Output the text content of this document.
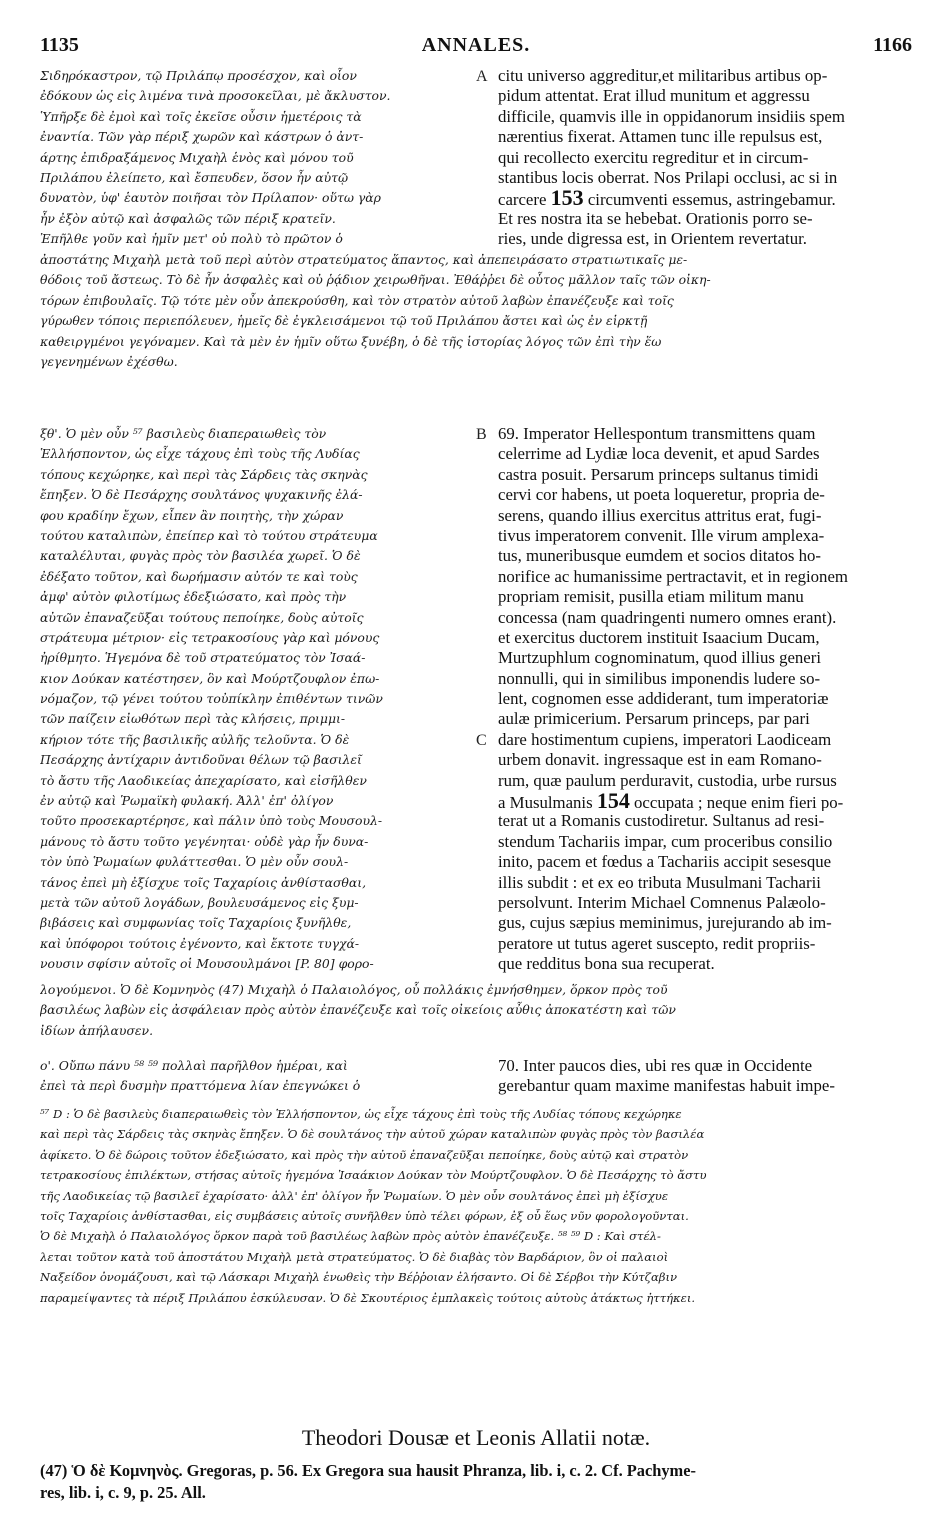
1135	ANNALES.	1166
Σιδηρόκαστρον, τῷ Πριλάπῳ προσέσχον, καὶ οἷον
ἐδόκουν ὡς εἰς λιμένα τινὰ προσοκεῖλαι, μὲ ἄκλυστον.
Ὑπῆρξε δὲ ἐμοὶ καὶ τοῖς ἐκεῖσε οὖσιν ἡμετέροις τὰ
ἐναντία. Τῶν γὰρ πέριξ χωρῶν καὶ κάστρων ὁ ἀντ-
άρτης ἐπιδραξάμενος Μιχαὴλ ἑνὸς καὶ μόνου τοῦ
Πριλάπου ἐλείπετο, καὶ ἔσπευδεν, ὅσον ἦν αὐτῷ
δυνατὸν, ὑφ' ἑαυτὸν ποιῆσαι τὸν Πρίλαπον· οὕτω γὰρ
ἦν ἐξὸν αὐτῷ καὶ ἀσφαλῶς τῶν πέριξ κρατεῖν.
Ἐπῆλθε γοῦν καὶ ἡμῖν μετ' οὐ πολὺ τὸ πρῶτον ὁ
A citu universo aggreditur,et militaribus artibus op-
pidum attentat. Erat illud munitum et aggressu
difficile, quamvis ille in oppidanorum insidiis spem
nærentius fixerat. Attamen tunc ille repulsus est,
qui recollecto exercitu regreditur et in circum-
stantibus locis oberrat. Nos Prilapi occlusi, ac si in
carcere 153 circumventi essemus, astringebamur.
Et res nostra ita se hebebat. Orationis porro se-
ries, unde digressa est, in Orientem revertatur.
ἀποστάτης Μιχαὴλ μετὰ τοῦ περὶ αὐτὸν στρατεύματος ἅπαντος, καὶ ἀπεπειράσατο στρατιωτικαῖς με-
θόδοις τοῦ ἄστεως. Τὸ δὲ ἦν ἀσφαλὲς καὶ οὐ ῥᾴδιον χειρωθῆναι. Ἐθάῤῥει δὲ οὗτος μᾶλλον ταῖς τῶν οἰκη-
τόρων ἐπιβουλαῖς. Τῷ τότε μὲν οὖν ἀπεκρούσθη, καὶ τὸν στρατὸν αὐτοῦ λαβὼν ἐπανέζευξε καὶ τοῖς
γύρωθεν τόποις περιεπόλευεν, ἡμεῖς δὲ ἐγκλεισάμενοι τῷ τοῦ Πριλάπου ἄστει καὶ ὡς ἐν εἱρκτῇ
καθειργμένοι γεγόναμεν. Καὶ τὰ μὲν ἐν ἡμῖν οὕτω ξυνέβη, ὁ δὲ τῆς ἱστορίας λόγος τῶν ἐπὶ τὴν ἕω
γεγενημένων ἐχέσθω.
ξθ'. Ὁ μὲν οὖν ⁵⁷ βασιλεὺς διαπεραιωθεὶς τὸν
Ἑλλήσποντον, ὡς εἶχε τάχους ἐπὶ τοὺς τῆς Λυδίας
τόπους κεχώρηκε, καὶ περὶ τὰς Σάρδεις τὰς σκηνὰς
ἔπηξεν. Ὁ δὲ Πεσάρχης σουλτάνος ψυχακινῆς ἐλά-
φου κραδίην ἔχων, εἶπεν ἂν ποιητὴς, τὴν χώραν
τούτου καταλιπὼν, ἐπείπερ καὶ τὸ τούτου στράτευμα
καταλέλυται, φυγὰς πρὸς τὸν βασιλέα χωρεῖ. Ὁ δὲ
ἐδέξατο τοῦτον, καὶ δωρήμασιν αὐτόν τε καὶ τοὺς
ἀμφ' αὐτὸν φιλοτίμως ἐδεξιώσατο, καὶ πρὸς τὴν
αὐτῶν ἐπαναζεῦξαι τούτους πεποίηκε, δοὺς αὐτοῖς
στράτευμα μέτριον· εἰς τετρακοσίους γὰρ καὶ μόνους
ἠρίθμητο. Ἡγεμόνα δὲ τοῦ στρατεύματος τὸν Ἰσαά-
κιον Δούκαν κατέστησεν, ὃν καὶ Μούρτζουφλον ἐπω-
νόμαζον, τῷ γένει τούτου τοὐπίκλην ἐπιθέντων τινῶν
τῶν παίζειν εἰωθότων περὶ τὰς κλήσεις, πριμμι-
κήριον τότε τῆς βασιλικῆς αὐλῆς τελοῦντα. Ὁ δὲ
Πεσάρχης ἀντίχαριν ἀντιδοῦναι θέλων τῷ βασιλεῖ
τὸ ἄστυ τῆς Λαοδικείας ἀπεχαρίσατο, καὶ εἰσῆλθεν
ἐν αὐτῷ καὶ Ῥωμαϊκὴ φυλακή. Ἀλλ' ἐπ' ὀλίγον
τοῦτο προσεκαρτέρησε, καὶ πάλιν ὑπὸ τοὺς Μουσουλ-
μάνους τὸ ἄστυ τοῦτο γεγένηται· οὐδὲ γὰρ ἦν δυνα-
τὸν ὑπὸ Ῥωμαίων φυλάττεσθαι. Ὁ μὲν οὖν σουλ-
τάνος ἐπεὶ μὴ ἐξίσχυε τοῖς Ταχαρίοις ἀνθίστασθαι,
μετὰ τῶν αὐτοῦ λογάδων, βουλευσάμενος εἰς ξυμ-
βιβάσεις καὶ συμφωνίας τοῖς Ταχαρίοις ξυνῆλθε,
καὶ ὑπόφοροι τούτοις ἐγένοντο, καὶ ἔκτοτε τυγχά-
νουσιν σφίσιν αὐτοῖς οἱ Μουσουλμάνοι [P. 80] φορο-
B
C
69. Imperator Hellespontum transmittens quam
celerrime ad Lydiæ loca devenit, et apud Sardes
castra posuit. Persarum princeps sultanus timidi
cervi cor habens, ut poeta loqueretur, propria de-
serens, quando illius exercitus attritus erat, fugi-
tivus imperatorem convenit. Ille virum amplexa-
tus, muneribusque eumdem et socios ditatos ho-
norifice ac humanissime pertractavit, et in regionem
propriam remisit, pusilla etiam militum manu
concessa (nam quadringenti numero omnes erant).
et exercitus ductorem instituit Isaacium Ducam,
Murtzuphlum cognominatum, quod illius generi
nonnulli, qui in similibus imponendis ludere so-
lent, cognomen esse addiderant, tum imperatoriæ
aulæ primicerium. Persarum princeps, par pari
dare hostimentum cupiens, imperatori Laodiceam
urbem donavit. ingressaque est in eam Romano-
rum, quæ paulum perduravit, custodia, urbe rursus
a Musulmanis 154 occupata ; neque enim fieri po-
terat ut a Romanis custodiretur. Sultanus ad resi-
stendum Tachariis impar, cum proceribus consilio
inito, pacem et fœdus a Tachariis accipit sesesque
illis subdit : et ex eo tributa Musulmani Tacharii
persolvunt. Interim Michael Comnenus Palæolo-
gus, cujus sæpius meminimus, jurejurando ab im-
peratore ut tutus ageret suscepto, redit propriis-
que redditus bona sua recuperat.
λογούμενοι. Ὁ δὲ Κομνηνὸς (47) Μιχαὴλ ὁ Παλαιολόγος, οὗ πολλάκις ἐμνήσθημεν, ὅρκον πρὸς τοῦ
βασιλέως λαβὼν εἰς ἀσφάλειαν πρὸς αὐτὸν ἐπανέζευξε καὶ τοῖς οἰκείοις αὖθις ἀποκατέστη καὶ τῶν
ἰδίων ἀπήλαυσεν.
ο'. Οὔπω πάνυ ⁵⁸ ⁵⁹ πολλαὶ παρῆλθον ἡμέραι, καὶ
ἐπεὶ τὰ περὶ δυσμὴν πραττόμενα λίαν ἐπεγνώκει ὁ
70. Inter paucos dies, ubi res quæ in Occidente
gerebantur quam maxime manifestas habuit impe-
⁵⁷ D : Ὁ δὲ βασιλεὺς διαπεραιωθεὶς τὸν Ἑλλήσποντον, ὡς εἶχε τάχους ἐπὶ τοὺς τῆς Λυδίας τόπους κεχώρηκε
καὶ περὶ τὰς Σάρδεις τὰς σκηνὰς ἔπηξεν. Ὁ δὲ σουλτάνος τὴν αὐτοῦ χώραν καταλιπὼν φυγὰς πρὸς τὸν βασιλέα
ἀφίκετο. Ὁ δὲ δώροις τοῦτον ἐδεξιώσατο, καὶ πρὸς τὴν αὐτοῦ ἐπαναζεῦξαι πεποίηκε, δοὺς αὐτῷ καὶ στρατὸν
τετρακοσίους ἐπιλέκτων, στήσας αὐτοῖς ἡγεμόνα Ἰσαάκιον Δούκαν τὸν Μούρτζουφλον. Ὁ δὲ Πεσάρχης τὸ ἄστυ
τῆς Λαοδικείας τῷ βασιλεῖ ἐχαρίσατο· ἀλλ' ἐπ' ὀλίγον ἦν Ῥωμαίων. Ὁ μὲν οὖν σουλτάνος ἐπεὶ μὴ ἐξίσχυε
τοῖς Ταχαρίοις ἀνθίστασθαι, εἰς συμβάσεις αὐτοῖς συνῆλθεν ὑπὸ τέλει φόρων, ἐξ οὗ ἕως νῦν φορολογοῦνται.
Ὁ δὲ Μιχαὴλ ὁ Παλαιολόγος ὅρκον παρὰ τοῦ βασιλέως λαβὼν πρὸς αὐτὸν ἐπανέζευξε. ⁵⁸ ⁵⁹ D : Καὶ στέλ-
λεται τοῦτον κατὰ τοῦ ἀποστάτου Μιχαὴλ μετὰ στρατεύματος. Ὁ δὲ διαβὰς τὸν Βαρδάριον, ὃν οἱ παλαιοὶ
Ναξείδον ὀνομάζουσι, καὶ τῷ Λάσκαρι Μιχαὴλ ἑνωθεὶς τὴν Βέῤῥοιαν ἐλήσαντο. Οἱ δὲ Σέρβοι τὴν Κύτζαβιν
παραμείψαντες τὰ πέριξ Πριλάπου ἐσκύλευσαν. Ὁ δὲ Σκουτέριος ἐμπλακεὶς τούτοις αὐτοὺς ἀτάκτως ἡττήκει.
Theodori Dousæ et Leonis Allatii notæ.
(47) Ὁ δὲ Κομνηνὸς. Gregoras, p. 56. Ex Gregora sua hausit Phranza, lib. i, c. 2. Cf. Pachyme-
res, lib. i, c. 9, p. 25. All.
